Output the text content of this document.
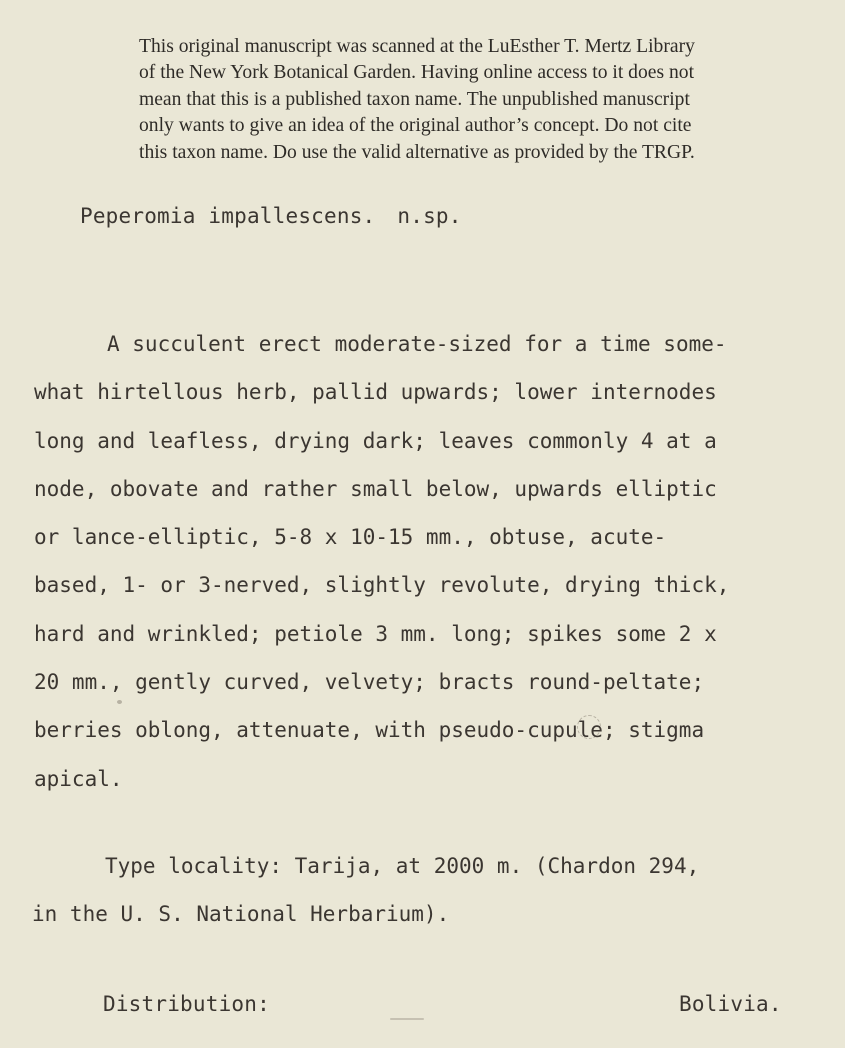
This original manuscript was scanned at the LuEsther T. Mertz Library
of the New York Botanical Garden. Having online access to it does not
mean that this is a published taxon name. The unpublished manuscript
only wants to give an idea of the original author’s concept. Do not cite
this taxon name. Do use the valid alternative as provided by the TRGP.
Peperomia impallescens. n.sp.
A succulent erect moderate-sized for a time some-
what hirtellous herb, pallid upwards; lower internodes
long and leafless, drying dark; leaves commonly 4 at a
node, obovate and rather small below, upwards elliptic
or lance-elliptic, 5-8 x 10-15 mm., obtuse, acute-
based, 1- or 3-nerved, slightly revolute, drying thick,
hard and wrinkled; petiole 3 mm. long; spikes some 2 x
20 mm., gently curved, velvety; bracts round-peltate;
berries oblong, attenuate, with pseudo-cupule; stigma
apical.
Type locality: Tarija, at 2000 m. (Chardon 294,
in the U. S. National Herbarium).
Distribution:	Bolivia.
